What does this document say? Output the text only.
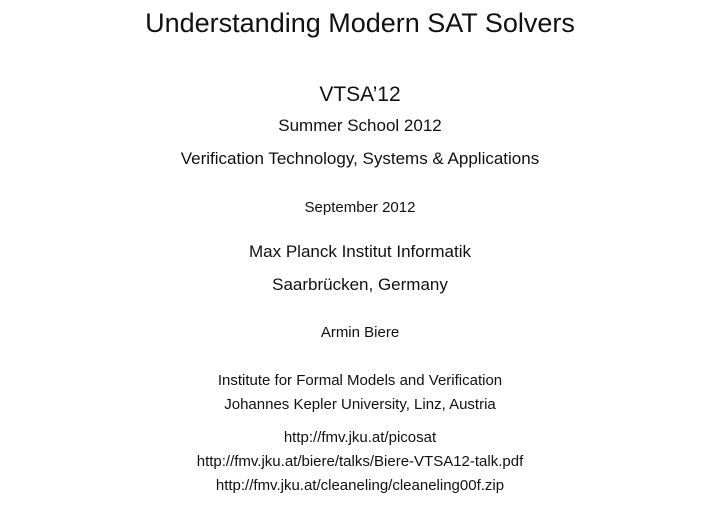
Understanding Modern SAT Solvers
VTSA’12
Summer School 2012
Verification Technology, Systems & Applications
September 2012
Max Planck Institut Informatik
Saarbrücken, Germany
Armin Biere
Institute for Formal Models and Verification
Johannes Kepler University, Linz, Austria
http://fmv.jku.at/picosat
http://fmv.jku.at/biere/talks/Biere-VTSA12-talk.pdf
http://fmv.jku.at/cleaneling/cleaneling00f.zip
